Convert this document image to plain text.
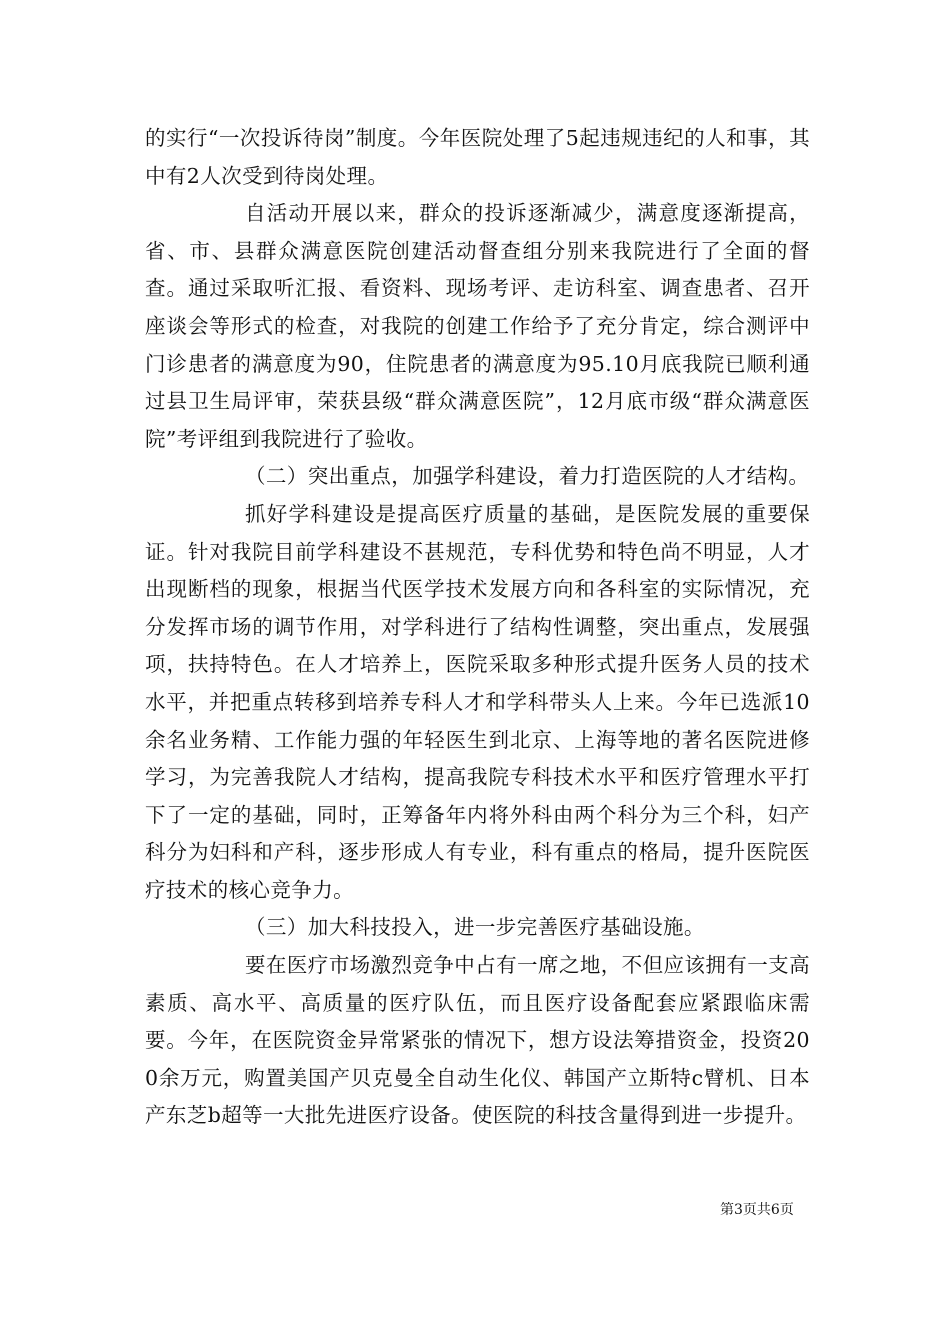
的实行“一次投诉待岗”制度。今年医院处理了5起违规违纪的人和事，其中有2人次受到待岗处理。

自活动开展以来，群众的投诉逐渐减少，满意度逐渐提高，省、市、县群众满意医院创建活动督查组分别来我院进行了全面的督查。通过采取听汇报、看资料、现场考评、走访科室、调查患者、召开座谈会等形式的检查，对我院的创建工作给予了充分肯定，综合测评中门诊患者的满意度为90，住院患者的满意度为95.10月底我院已顺利通过县卫生局评审，荣获县级“群众满意医院”，12月底市级“群众满意医院”考评组到我院进行了验收。

（二）突出重点，加强学科建设，着力打造医院的人才结构。

抓好学科建设是提高医疗质量的基础，是医院发展的重要保证。针对我院目前学科建设不甚规范，专科优势和特色尚不明显，人才出现断档的现象，根据当代医学技术发展方向和各科室的实际情况，充分发挥市场的调节作用，对学科进行了结构性调整，突出重点，发展强项，扶持特色。在人才培养上，医院采取多种形式提升医务人员的技术水平，并把重点转移到培养专科人才和学科带头人上来。今年已选派10余名业务精、工作能力强的年轻医生到北京、上海等地的著名医院进修学习，为完善我院人才结构，提高我院专科技术水平和医疗管理水平打下了一定的基础，同时，正筹备年内将外科由两个科分为三个科，妇产科分为妇科和产科，逐步形成人有专业，科有重点的格局，提升医院医疗技术的核心竞争力。

（三）加大科技投入，进一步完善医疗基础设施。

要在医疗市场激烈竞争中占有一席之地，不但应该拥有一支高素质、高水平、高质量的医疗队伍，而且医疗设备配套应紧跟临床需要。今年，在医院资金异常紧张的情况下，想方设法筹措资金，投资200余万元，购置美国产贝克曼全自动生化仪、韩国产立斯特c臂机、日本产东芝b超等一大批先进医疗设备。使医院的科技含量得到进一步提升。

第3页共6页
